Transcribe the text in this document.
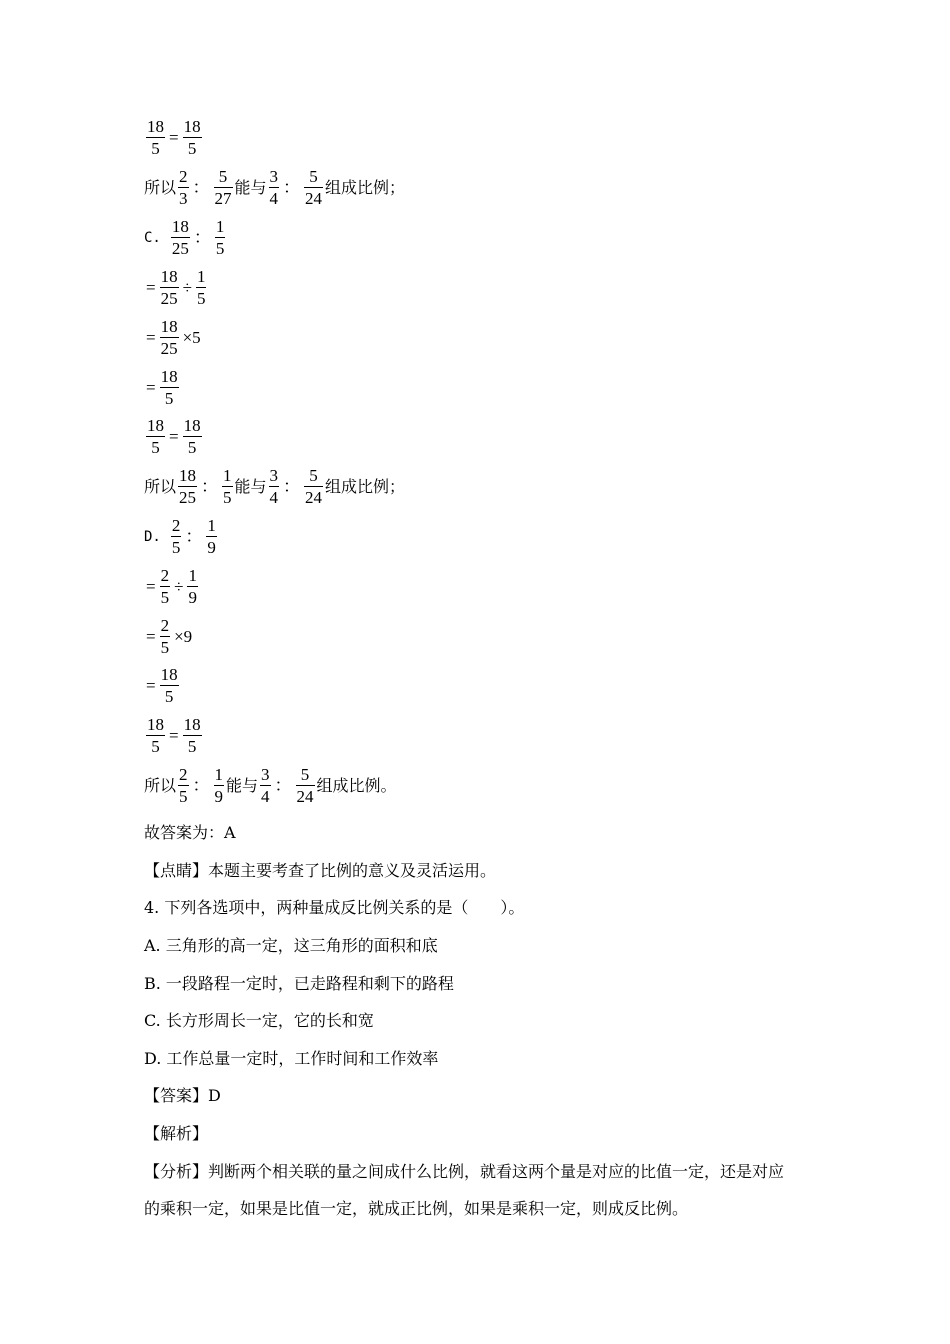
$\frac{18}{5} = \frac{18}{5}$
所以 $\frac{2}{3}$ ： $\frac{5}{27}$ 能与 $\frac{3}{4}$ ： $\frac{5}{24}$ 组成比例；
C. $\frac{18}{25}$ ： $\frac{1}{5}$
= $\frac{18}{25} \div \frac{1}{5}$
= $\frac{18}{25} \times 5$
= $\frac{18}{5}$
$\frac{18}{5} = \frac{18}{5}$
所以 $\frac{18}{25}$ ： $\frac{1}{5}$ 能与 $\frac{3}{4}$ ： $\frac{5}{24}$ 组成比例；
D. $\frac{2}{5}$ ： $\frac{1}{9}$
= $\frac{2}{5} \div \frac{1}{9}$
= $\frac{2}{5} \times 9$
= $\frac{18}{5}$
$\frac{18}{5} = \frac{18}{5}$
所以 $\frac{2}{5}$ ： $\frac{1}{9}$ 能与 $\frac{3}{4}$ ： $\frac{5}{24}$ 组成比例。
故答案为：A
【点睛】本题主要考查了比例的意义及灵活运用。
4. 下列各选项中，两种量成反比例关系的是（　　）。
A. 三角形的高一定，这三角形的面积和底
B. 一段路程一定时，已走路程和剩下的路程
C. 长方形周长一定，它的长和宽
D. 工作总量一定时，工作时间和工作效率
【答案】D
【解析】
【分析】判断两个相关联的量之间成什么比例，就看这两个量是对应的比值一定，还是对应
的乘积一定，如果是比值一定，就成正比例，如果是乘积一定，则成反比例。
